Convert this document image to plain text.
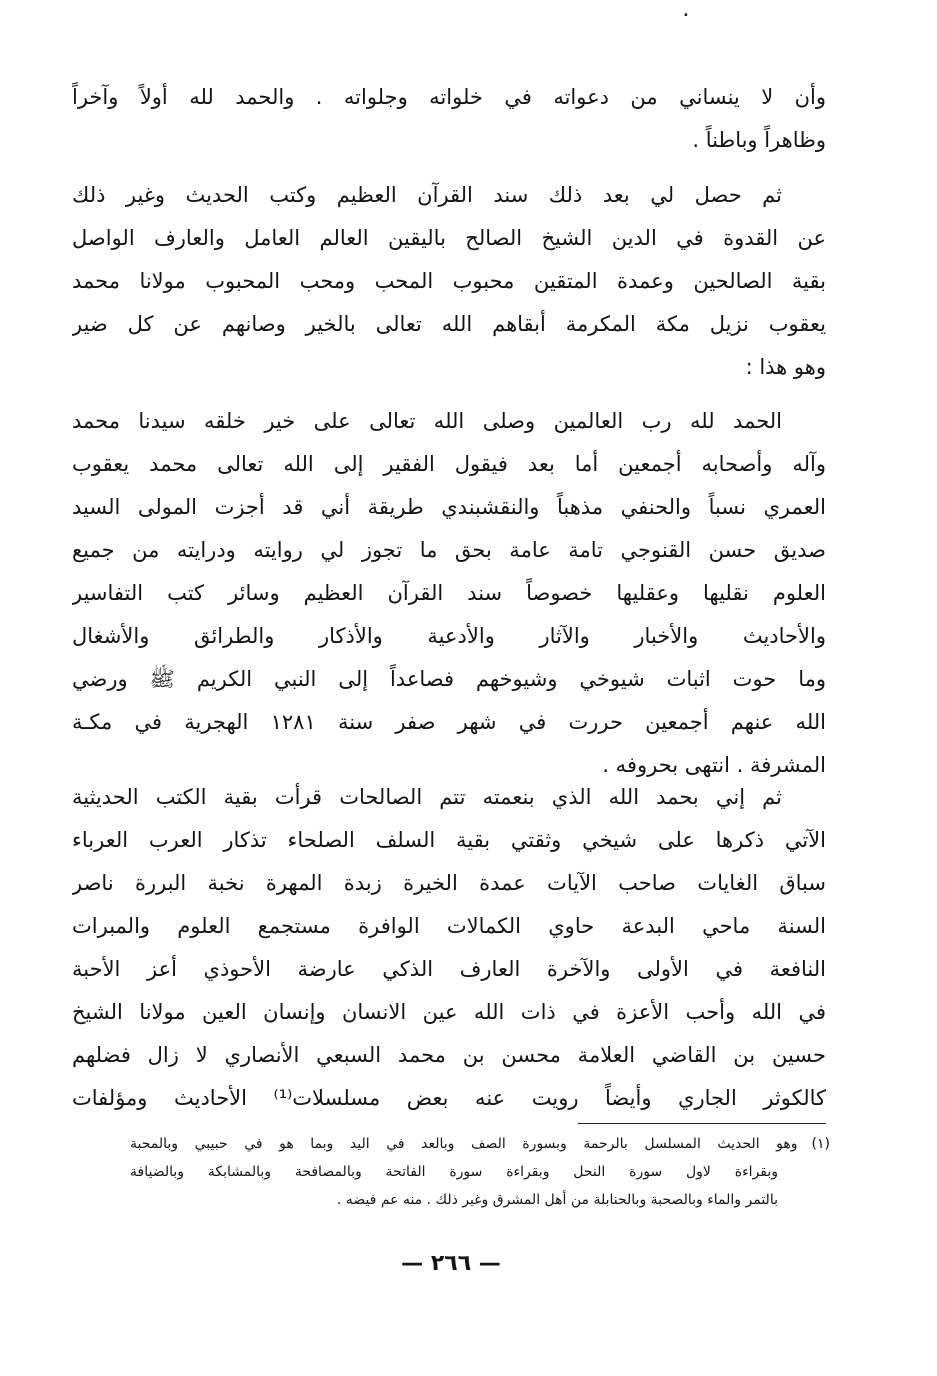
٠
وأن لا ينساني من دعواته في خلواته وجلواته . والحمد لله أولاً وآخراً
وظاهراً وباطناً .
ثم حصل لي بعد ذلك سند القرآن العظيم وكتب الحديث وغير ذلك
عن القدوة في الدين الشيخ الصالح باليقين العالم العامل والعارف الواصل
بقية الصالحين وعمدة المتقين محبوب المحب ومحب المحبوب مولانا محمد
يعقوب نزيل مكة المكرمة أبقاهم الله تعالى بالخير وصانهم عن كل ضير
وهو هذا :
الحمد لله رب العالمين وصلى الله تعالى على خير خلقه سيدنا محمد
وآله وأصحابه أجمعين أما بعد فيقول الفقير إلى الله تعالى محمد يعقوب
العمري نسباً والحنفي مذهباً والنقشبندي طريقة أني قد أجزت المولى السيد
صديق حسن القنوجي تامة عامة بحق ما تجوز لي روايته ودرايته من جميع
العلوم نقليها وعقليها خصوصاً سند القرآن العظيم وسائر كتب التفاسير
والأحاديث والأخبار والآثار والأدعية والأذكار والطرائق والأشغال
وما حوت اثبات شيوخي وشيوخهم فصاعداً إلى النبي الكريم ﷺ ورضي
الله عنهم أجمعين حررت في شهر صفر سنة ١٢٨١ الهجرية في مكـة
المشرفة . انتهى بحروفه .
ثم إني بحمد الله الذي بنعمته تتم الصالحات قرأت بقية الكتب الحديثية
الآتي ذكرها على شيخي وثقتي بقية السلف الصلحاء تذكار العرب العرباء
سباق الغايات صاحب الآيات عمدة الخيرة زبدة المهرة نخبة البررة ناصر
السنة ماحي البدعة حاوي الكمالات الوافرة مستجمع العلوم والمبرات
النافعة في الأولى والآخرة العارف الذكي عارضة الأحوذي أعز الأحبة
في الله وأحب الأعزة في ذات الله عين الانسان وإنسان العين مولانا الشيخ
حسين بن القاضي العلامة محسن بن محمد السبعي الأنصاري لا زال فضلهم
كالكوثر الجاري وأيضاً رويت عنه بعض مسلسلات⁽¹⁾ الأحاديث ومؤلفات
(١)وهو الحديث المسلسل بالرحمة وبسورة الصف وبالعد في اليد وبما هو في حبيبي وبالمحبة
وبقراءة لاول سورة النحل وبقراءة سورة الفاتحة وبالمصافحة وبالمشابكة وبالضيافة
بالتمر والماء وبالصحبة وبالحنابلة من أهل المشرق وغير ذلك . منه عم فيضه .
— ٢٦٦ —
